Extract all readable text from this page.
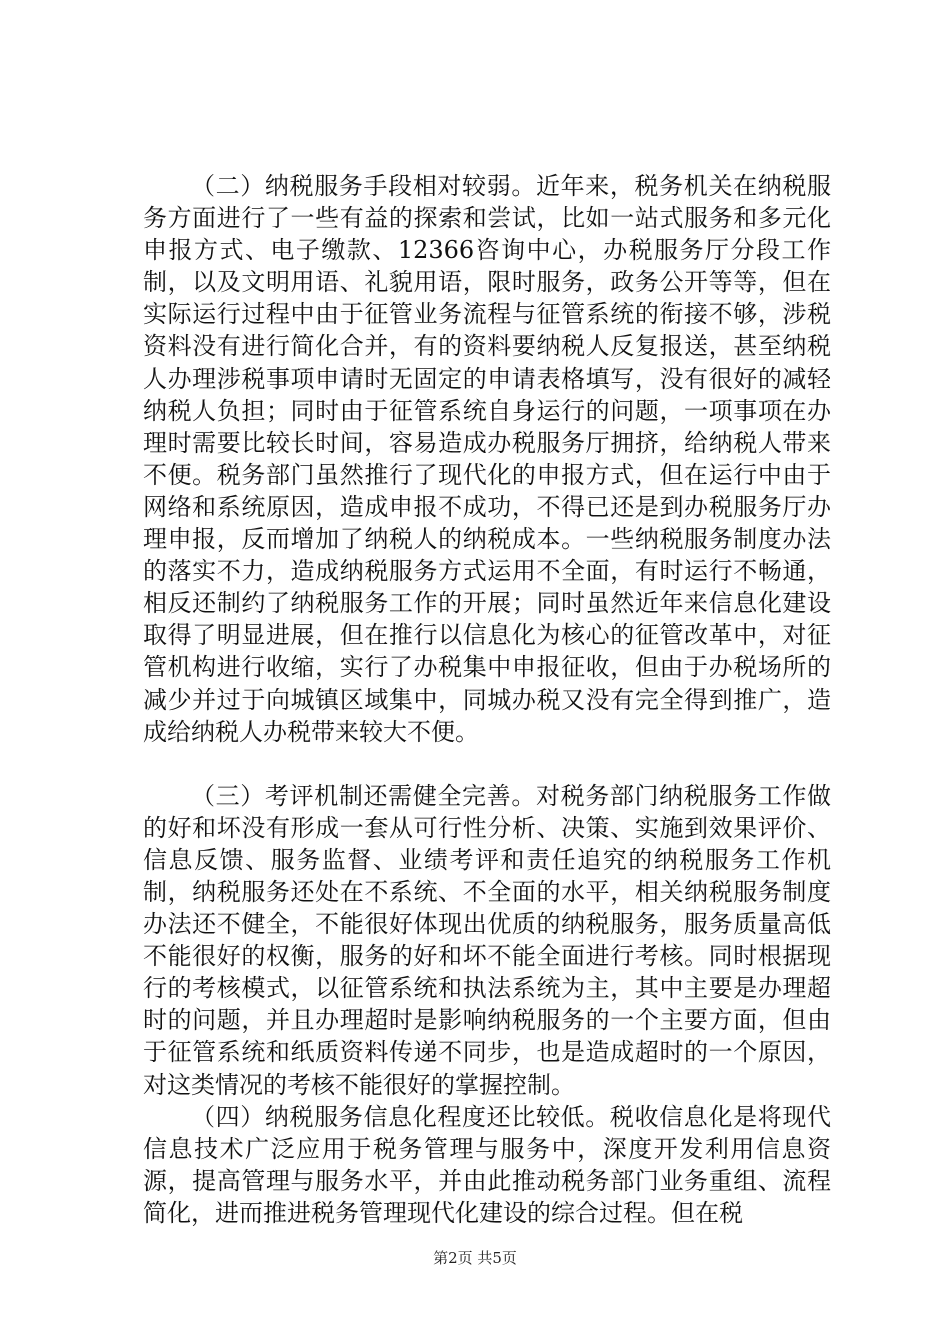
（二）纳税服务手段相对较弱。近年来，税务机关在纳税服务方面进行了一些有益的探索和尝试，比如一站式服务和多元化申报方式、电子缴款、12366咨询中心，办税服务厅分段工作制，以及文明用语、礼貌用语，限时服务，政务公开等等，但在实际运行过程中由于征管业务流程与征管系统的衔接不够，涉税资料没有进行简化合并，有的资料要纳税人反复报送，甚至纳税人办理涉税事项申请时无固定的申请表格填写，没有很好的减轻纳税人负担；同时由于征管系统自身运行的问题，一项事项在办理时需要比较长时间，容易造成办税服务厅拥挤，给纳税人带来不便。税务部门虽然推行了现代化的申报方式，但在运行中由于网络和系统原因，造成申报不成功，不得已还是到办税服务厅办理申报，反而增加了纳税人的纳税成本。一些纳税服务制度办法的落实不力，造成纳税服务方式运用不全面，有时运行不畅通，相反还制约了纳税服务工作的开展；同时虽然近年来信息化建设取得了明显进展，但在推行以信息化为核心的征管改革中，对征管机构进行收缩，实行了办税集中申报征收，但由于办税场所的减少并过于向城镇区域集中，同城办税又没有完全得到推广，造成给纳税人办税带来较大不便。

（三）考评机制还需健全完善。对税务部门纳税服务工作做的好和坏没有形成一套从可行性分析、决策、实施到效果评价、信息反馈、服务监督、业绩考评和责任追究的纳税服务工作机制，纳税服务还处在不系统、不全面的水平，相关纳税服务制度办法还不健全，不能很好体现出优质的纳税服务，服务质量高低不能很好的权衡，服务的好和坏不能全面进行考核。同时根据现行的考核模式，以征管系统和执法系统为主，其中主要是办理超时的问题，并且办理超时是影响纳税服务的一个主要方面，但由于征管系统和纸质资料传递不同步，也是造成超时的一个原因，对这类情况的考核不能很好的掌握控制。

（四）纳税服务信息化程度还比较低。税收信息化是将现代信息技术广泛应用于税务管理与服务中，深度开发利用信息资源，提高管理与服务水平，并由此推动税务部门业务重组、流程简化，进而推进税务管理现代化建设的综合过程。但在税

第2页 共5页
